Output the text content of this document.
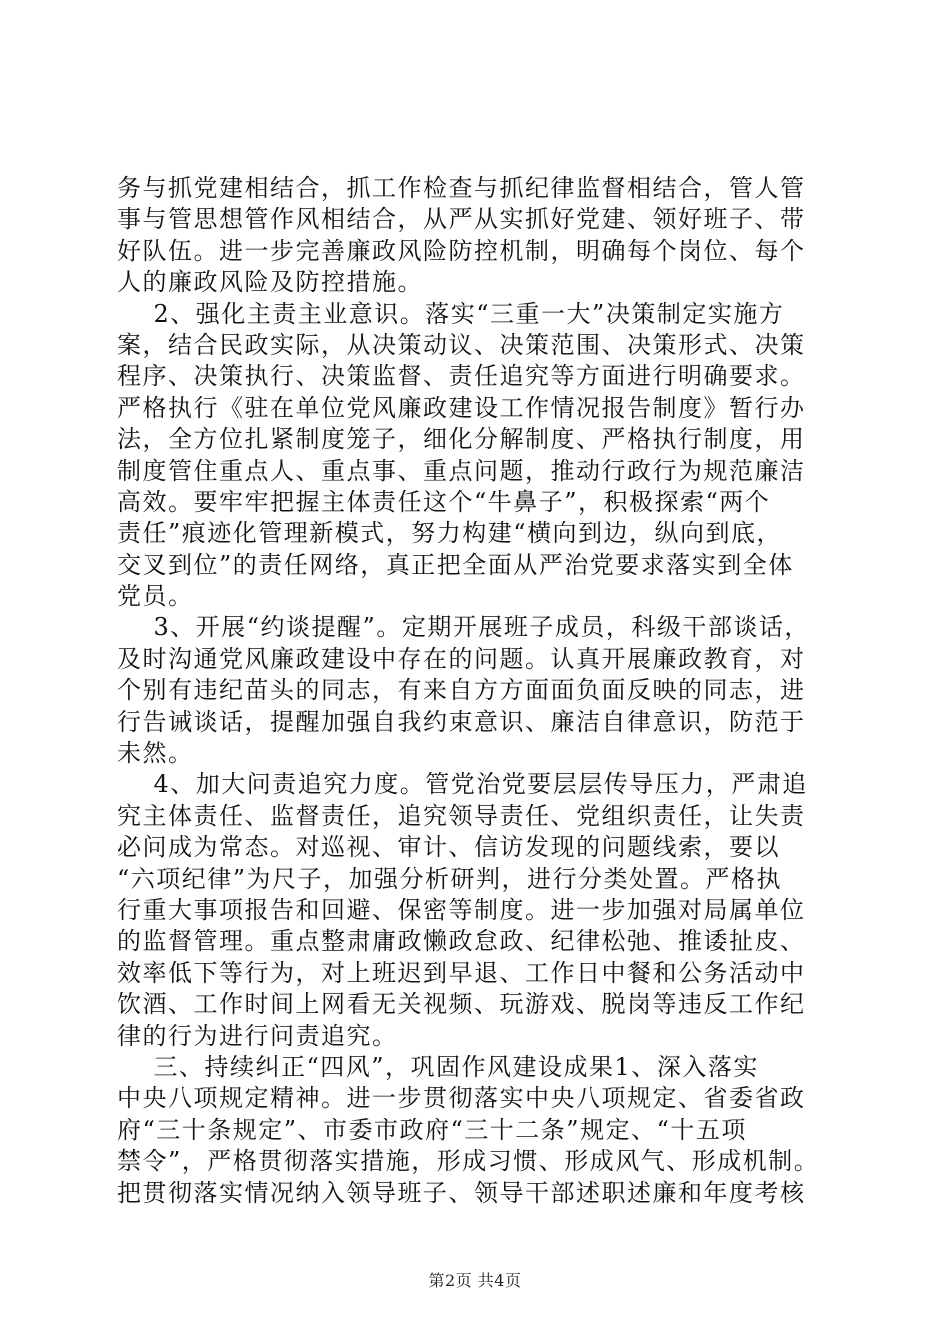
务与抓党建相结合，抓工作检查与抓纪律监督相结合，管人管
事与管思想管作风相结合，从严从实抓好党建、领好班子、带
好队伍。进一步完善廉政风险防控机制，明确每个岗位、每个
人的廉政风险及防控措施。
2、强化主责主业意识。落实“三重一大”决策制定实施方
案，结合民政实际，从决策动议、决策范围、决策形式、决策
程序、决策执行、决策监督、责任追究等方面进行明确要求。
严格执行《驻在单位党风廉政建设工作情况报告制度》暂行办
法，全方位扎紧制度笼子，细化分解制度、严格执行制度，用
制度管住重点人、重点事、重点问题，推动行政行为规范廉洁
高效。要牢牢把握主体责任这个“牛鼻子”，积极探索“两个
责任”痕迹化管理新模式，努力构建“横向到边，纵向到底，
交叉到位”的责任网络，真正把全面从严治党要求落实到全体
党员。
3、开展“约谈提醒”。定期开展班子成员，科级干部谈话，
及时沟通党风廉政建设中存在的问题。认真开展廉政教育，对
个别有违纪苗头的同志，有来自方方面面负面反映的同志，进
行告诫谈话，提醒加强自我约束意识、廉洁自律意识，防范于
未然。
4、加大问责追究力度。管党治党要层层传导压力，严肃追
究主体责任、监督责任，追究领导责任、党组织责任，让失责
必问成为常态。对巡视、审计、信访发现的问题线索，要以
“六项纪律”为尺子，加强分析研判，进行分类处置。严格执
行重大事项报告和回避、保密等制度。进一步加强对局属单位
的监督管理。重点整肃庸政懒政怠政、纪律松弛、推诿扯皮、
效率低下等行为，对上班迟到早退、工作日中餐和公务活动中
饮酒、工作时间上网看无关视频、玩游戏、脱岗等违反工作纪
律的行为进行问责追究。
三、持续纠正“四风”，巩固作风建设成果1、深入落实
中央八项规定精神。进一步贯彻落实中央八项规定、省委省政
府“三十条规定”、市委市政府“三十二条”规定、“十五项
禁令”，严格贯彻落实措施，形成习惯、形成风气、形成机制。
把贯彻落实情况纳入领导班子、领导干部述职述廉和年度考核
第2页 共4页
